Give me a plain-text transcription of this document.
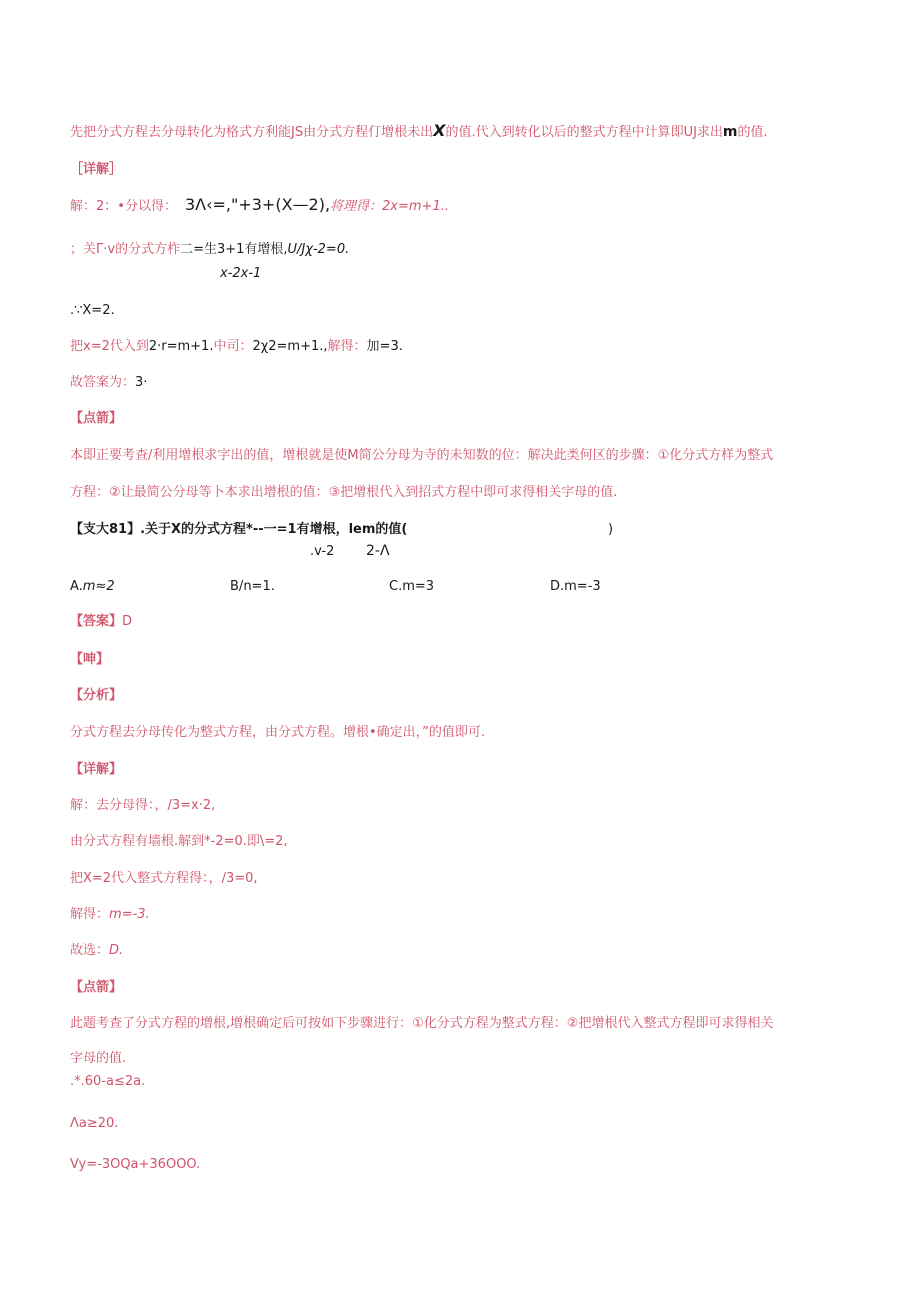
先把分式方程去分母转化为格式方利能JS由分式方程仃增根未出X的值.代入到转化以后的整式方程中计算即UJ求出m的值.
［详解］
解：2：•分以得： 3Λ‹=,"+3+(X—2),将理得：2x=m+1..
；关Γ·v的分式方柞二=生3+1有增根,U/Jχ-2=0.
x-2x-1
.∵X=2.
把x=2代入到2·r=m+1.中司：2χ2=m+1.,解得：加=3.
故答案为：3·
【点箭】
本即正要考查/利用增根求字出的值，增根就是使M简公分母为寺的未知数的位：解决此类何区的步骤：①化分式方样为整式
方程：②让最简公分母等卜本求出增根的值：③把增根代入到招式方程中即可求得相关字母的值.
【支大81】.关于X的分式方程*--一=1有增根，lem的值(	)
.v-2 2-Λ
A.m≈2	B/n=1.	C.m=3	D.m=-3
【答案】D
【呻】
【分析】
分式方程去分母传化为整式方程，由分式方程。增根•确定出，”的值即可.
【详解】
解：去分母得：，/3=x·2,
由分式方程有墙根.解到*-2=0.即\=2,
把X=2代入整式方程得：，/3=0,
解得：m=-3.
故选：D.
【点箭】
此题考查了分式方程的增根,增根确定后可按如下步骤进行：①化分式方程为整式方程：②把增根代入整式方程即可求得相关
字母的值.
.*.60-a≤2a.
Λa≥20.
Vy=-3OQa+36OOO.
